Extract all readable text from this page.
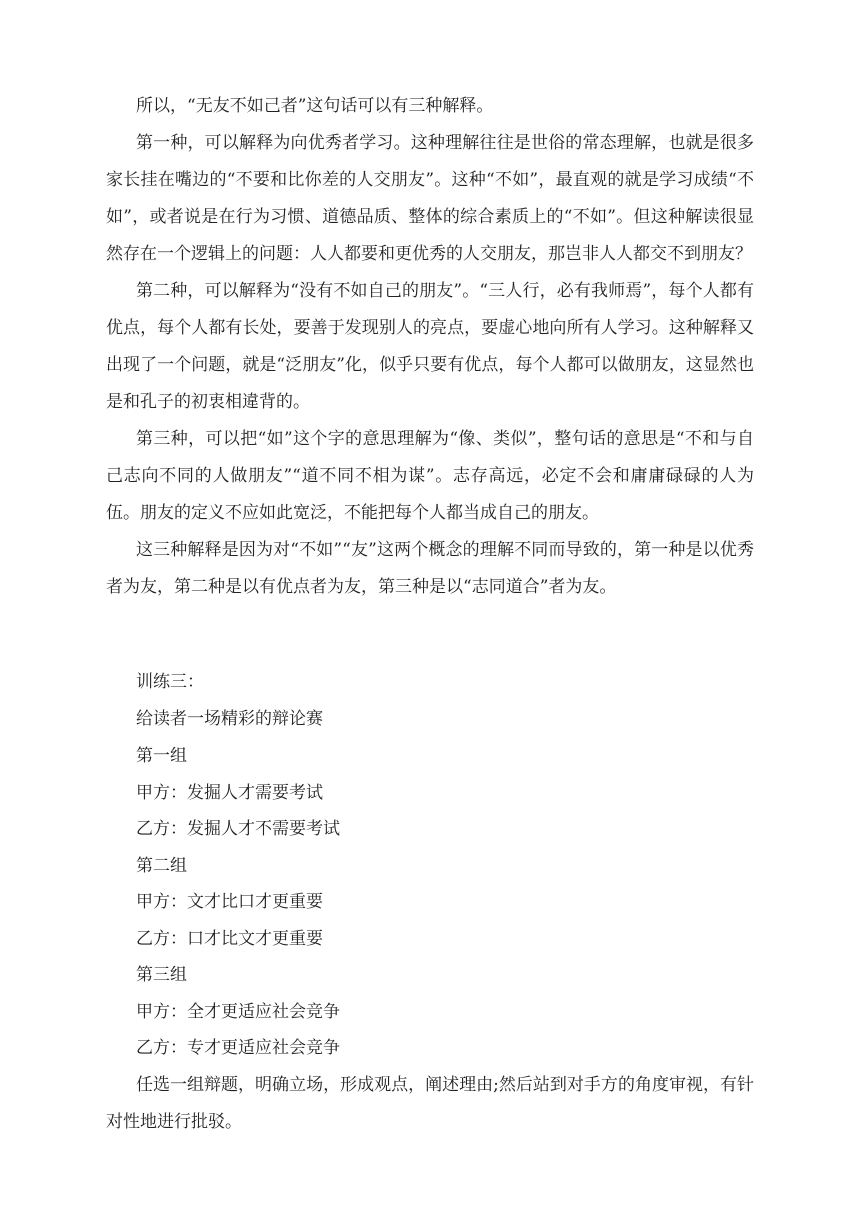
所以，“无友不如己者”这句话可以有三种解释。

第一种，可以解释为向优秀者学习。这种理解往往是世俗的常态理解，也就是很多家长挂在嘴边的“不要和比你差的人交朋友”。这种“不如”，最直观的就是学习成绩“不如”，或者说是在行为习惯、道德品质、整体的综合素质上的“不如”。但这种解读很显然存在一个逻辑上的问题：人人都要和更优秀的人交朋友，那岂非人人都交不到朋友？

第二种，可以解释为“没有不如自己的朋友”。“三人行，必有我师焉”，每个人都有优点，每个人都有长处，要善于发现别人的亮点，要虚心地向所有人学习。这种解释又出现了一个问题，就是“泛朋友”化，似乎只要有优点，每个人都可以做朋友，这显然也是和孔子的初衷相違背的。

第三种，可以把“如”这个字的意思理解为“像、类似”，整句话的意思是“不和与自己志向不同的人做朋友”“道不同不相为谋”。志存高远，必定不会和庸庸碌碌的人为伍。朋友的定义不应如此宽泛，不能把每个人都当成自己的朋友。

这三种解释是因为对“不如”“友”这两个概念的理解不同而导致的，第一种是以优秀者为友，第二种是以有优点者为友，第三种是以“志同道合”者为友。

训练三：

给读者一场精彩的辩论赛

第一组

甲方：发掘人才需要考试

乙方：发掘人才不需要考试

第二组

甲方：文才比口才更重要

乙方：口才比文才更重要

第三组

甲方：全才更适应社会竞争

乙方：专才更适应社会竞争

任选一组辩题，明确立场，形成观点，阐述理由;然后站到对手方的角度审视，有针对性地进行批驳。
